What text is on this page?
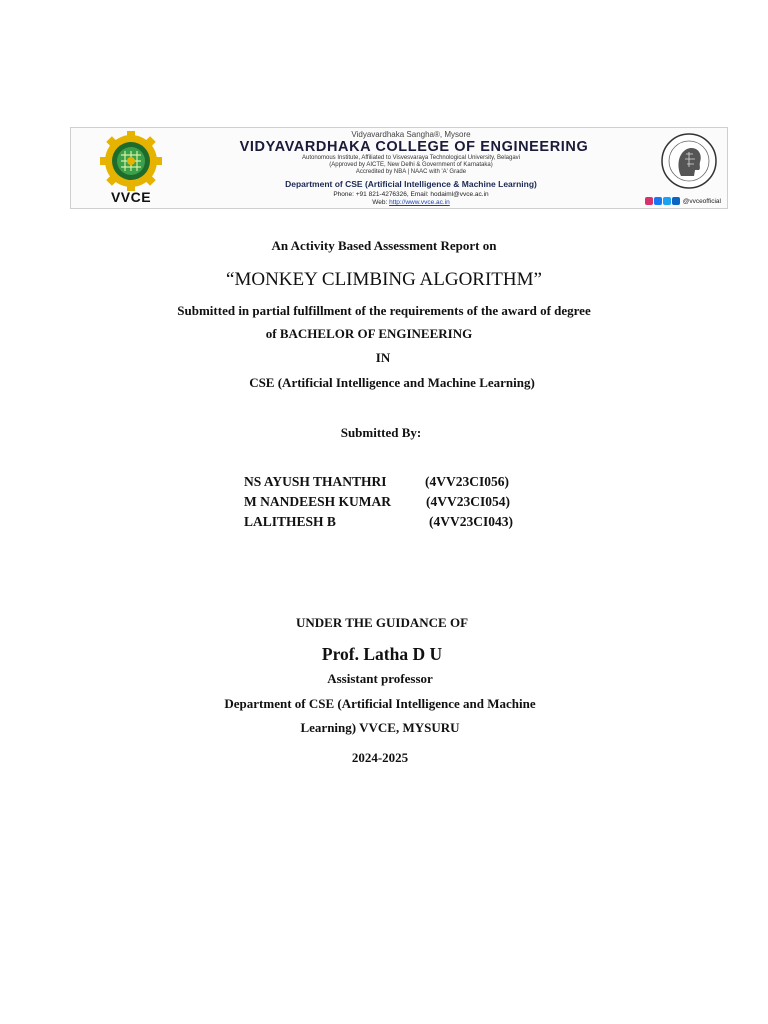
VVCE
Vidyavardhaka Sangha®, Mysore
VIDYAVARDHAKA COLLEGE OF ENGINEERING
Autonomous Institute, Affiliated to Visvesvaraya Technological University, Belagavi
(Approved by AICTE, New Delhi & Government of Karnataka)
Accredited by NBA | NAAC with 'A' Grade
Department of CSE (Artificial Intelligence & Machine Learning)
Phone: +91 821-4276326, Email: hodaiml@vvce.ac.in
Web: http://www.vvce.ac.in	@vvceofficial
An Activity Based Assessment Report on
“MONKEY CLIMBING ALGORITHM”
Submitted in partial fulfillment of the requirements of the award of degree
of BACHELOR OF ENGINEERING
IN
CSE (Artificial Intelligence and Machine Learning)
Submitted By:
NS AYUSH THANTHRI	(4VV23CI056)
M NANDEESH KUMAR	(4VV23CI054)
LALITHESH B	(4VV23CI043)
UNDER THE GUIDANCE OF
Prof. Latha D U
Assistant professor
Department of CSE (Artificial Intelligence and Machine
Learning) VVCE, MYSURU
2024-2025
